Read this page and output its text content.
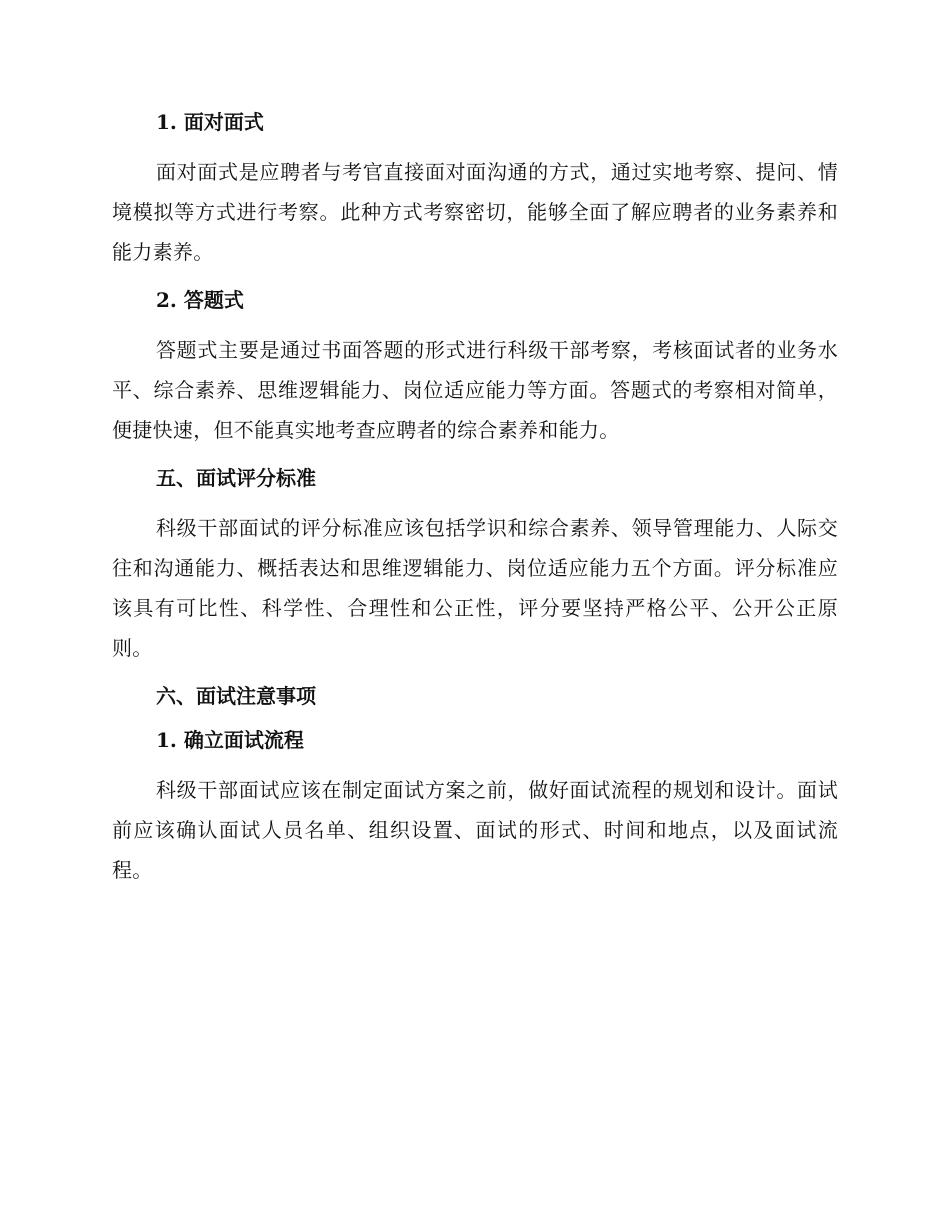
1. 面对面式

面对面式是应聘者与考官直接面对面沟通的方式，通过实地考察、提问、情境模拟等方式进行考察。此种方式考察密切，能够全面了解应聘者的业务素养和能力素养。

2. 答题式

答题式主要是通过书面答题的形式进行科级干部考察，考核面试者的业务水平、综合素养、思维逻辑能力、岗位适应能力等方面。答题式的考察相对简单，便捷快速，但不能真实地考查应聘者的综合素养和能力。

五、面试评分标准

科级干部面试的评分标准应该包括学识和综合素养、领导管理能力、人际交往和沟通能力、概括表达和思维逻辑能力、岗位适应能力五个方面。评分标准应该具有可比性、科学性、合理性和公正性，评分要坚持严格公平、公开公正原则。

六、面试注意事项
1. 确立面试流程

科级干部面试应该在制定面试方案之前，做好面试流程的规划和设计。面试前应该确认面试人员名单、组织设置、面试的形式、时间和地点，以及面试流程。
